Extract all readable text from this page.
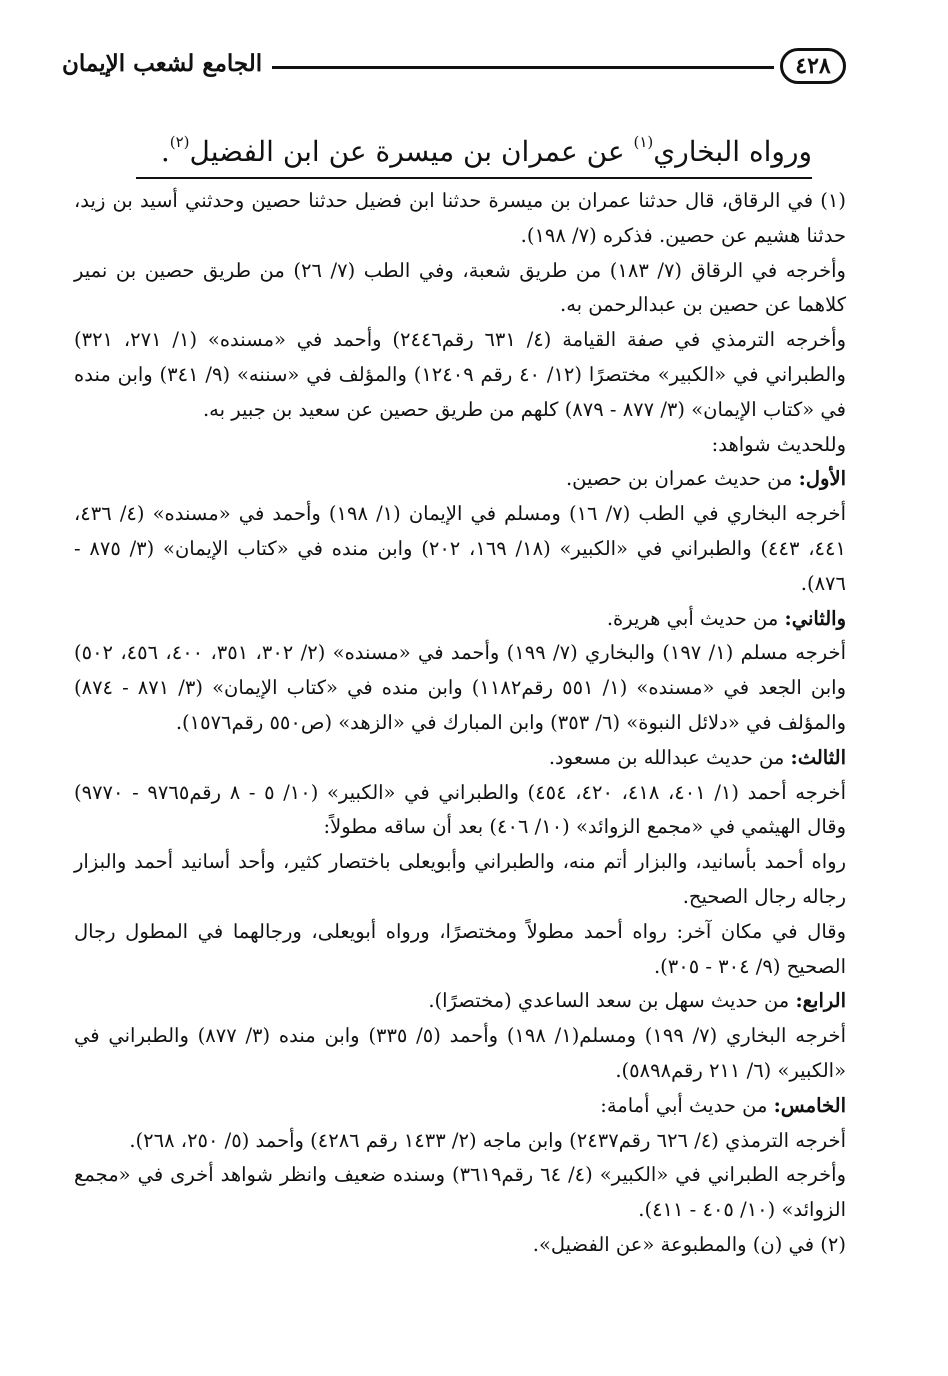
٤٢٨
الجامع لشعب الإيمان
ورواه البخاري$^{(١)}$ عن عمران بن ميسرة عن ابن الفضيل$^{(٢)}$.

(١) في الرقاق، قال حدثنا عمران بن ميسرة حدثنا ابن فضيل حدثنا حصين وحدثني أسيد بن زيد، حدثنا هشيم عن حصين. فذكره (٧/ ١٩٨).

وأخرجه في الرقاق (٧/ ١٨٣) من طريق شعبة، وفي الطب (٧/ ٢٦) من طريق حصين بن نمير كلاهما عن حصين بن عبدالرحمن به.

وأخرجه الترمذي في صفة القيامة (٤/ ٦٣١ رقم٢٤٤٦) وأحمد في «مسنده» (١/ ٢٧١، ٣٢١) والطبراني في «الكبير» مختصرًا (١٢/ ٤٠ رقم ١٢٤٠٩) والمؤلف في «سننه» (٩/ ٣٤١) وابن منده في «كتاب الإيمان» (٣/ ٨٧٧ - ٨٧٩) كلهم من طريق حصين عن سعيد بن جبير به.

وللحديث شواهد:

الأول: من حديث عمران بن حصين.

أخرجه البخاري في الطب (٧/ ١٦) ومسلم في الإيمان (١/ ١٩٨) وأحمد في «مسنده» (٤/ ٤٣٦، ٤٤١، ٤٤٣) والطبراني في «الكبير» (١٨/ ١٦٩، ٢٠٢) وابن منده في «كتاب الإيمان» (٣/ ٨٧٥ - ٨٧٦).

والثاني: من حديث أبي هريرة.

أخرجه مسلم (١/ ١٩٧) والبخاري (٧/ ١٩٩) وأحمد في «مسنده» (٢/ ٣٠٢، ٣٥١، ٤٠٠، ٤٥٦، ٥٠٢) وابن الجعد في «مسنده» (١/ ٥٥١ رقم١١٨٢) وابن منده في «كتاب الإيمان» (٣/ ٨٧١ - ٨٧٤) والمؤلف في «دلائل النبوة» (٦/ ٣٥٣) وابن المبارك في «الزهد» (ص٥٥٠ رقم١٥٧٦).

الثالث: من حديث عبدالله بن مسعود.

أخرجه أحمد (١/ ٤٠١، ٤١٨، ٤٢٠، ٤٥٤) والطبراني في «الكبير» (١٠/ ٥ - ٨ رقم٩٧٦٥ - ٩٧٧٠) وقال الهيثمي في «مجمع الزوائد» (١٠/ ٤٠٦) بعد أن ساقه مطولاً:

رواه أحمد بأسانيد، والبزار أتم منه، والطبراني وأبويعلى باختصار كثير، وأحد أسانيد أحمد والبزار رجاله رجال الصحيح.

وقال في مكان آخر: رواه أحمد مطولاً ومختصرًا، ورواه أبويعلى، ورجالهما في المطول رجال الصحيح (٩/ ٣٠٤ - ٣٠٥).

الرابع: من حديث سهل بن سعد الساعدي (مختصرًا).

أخرجه البخاري (٧/ ١٩٩) ومسلم(١/ ١٩٨) وأحمد (٥/ ٣٣٥) وابن منده (٣/ ٨٧٧) والطبراني في «الكبير» (٦/ ٢١١ رقم٥٨٩٨).

الخامس: من حديث أبي أمامة:

أخرجه الترمذي (٤/ ٦٢٦ رقم٢٤٣٧) وابن ماجه (٢/ ١٤٣٣ رقم ٤٢٨٦) وأحمد (٥/ ٢٥٠، ٢٦٨).

وأخرجه الطبراني في «الكبير» (٤/ ٦٤ رقم٣٦١٩) وسنده ضعيف وانظر شواهد أخرى في «مجمع الزوائد» (١٠/ ٤٠٥ - ٤١١).

(٢) في (ن) والمطبوعة «عن الفضيل».
